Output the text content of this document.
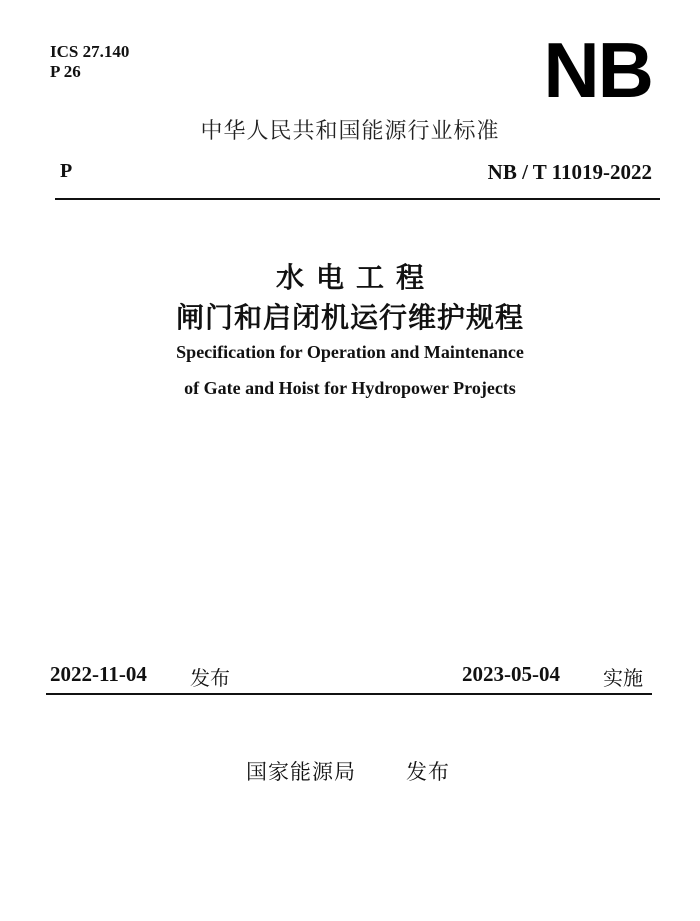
ICS 27.140
P 26	NB
中华人民共和国能源行业标准
P	NB / T 11019-2022
水电工程
闸门和启闭机运行维护规程
Specification for Operation and Maintenance
of Gate and Hoist for Hydropower Projects
2022-11-04 发布	2023-05-04 实施
国家能源局 发布
